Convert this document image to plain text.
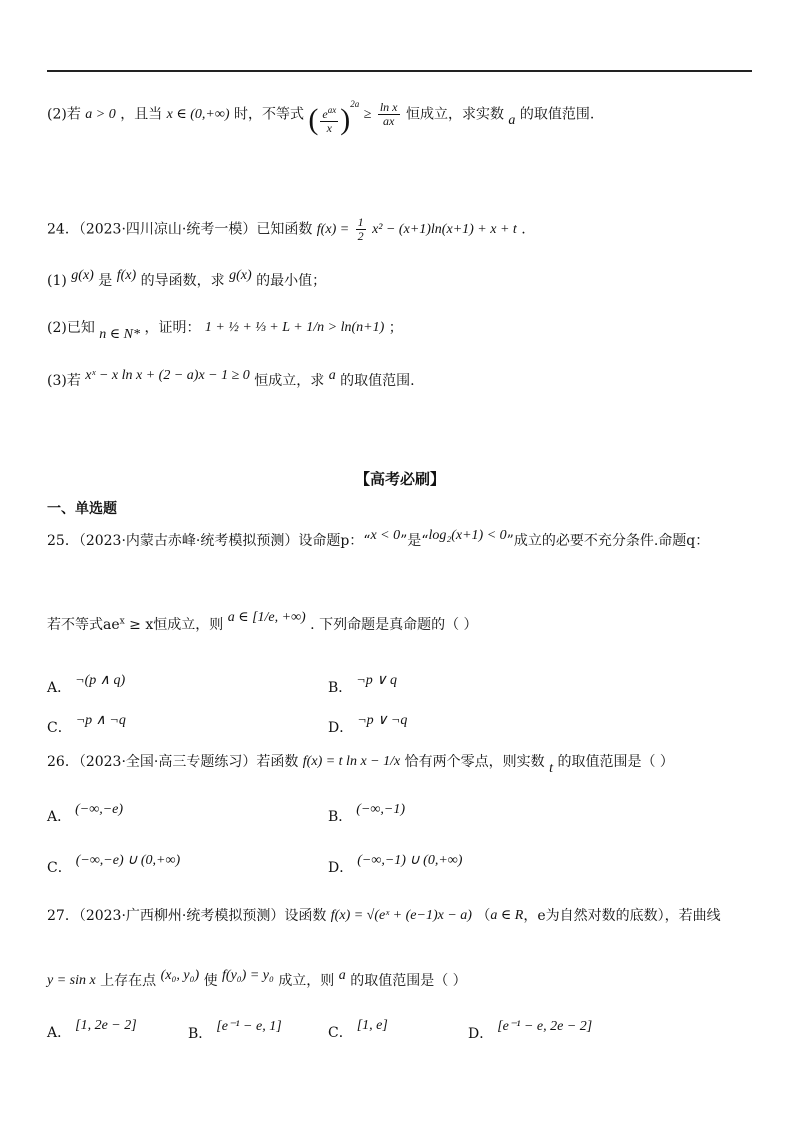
(2)若 a > 0 ，且当 x ∈ (0,+∞) 时，不等式 ( $\frac{e^{ax}}{x} )^{2a} \ge \frac{\text{ln x}}{ax}$ 恒成立，求实数 a 的取值范围.
24．（2023·四川凉山·统考一模）已知函数 $f(x) = \frac{1}{2} x^2 - (x+1)\ln(x+1) + x + t$ .
(1) g(x) 是 f(x) 的导函数，求 g(x) 的最小值；
(2)已知 n ∈ N* ，证明： 1 + ½ + ⅓ + L + 1/n > ln(n+1) ；
(3)若 xˣ − x ln x + (2 − a)x − 1 ≥ 0 恒成立，求 a 的取值范围.
【高考必刷】
一、单选题
25．（2023·内蒙古赤峰·统考模拟预测）设命题p：“x < 0”是“log₂(x+1) < 0”成立的必要不充分条件.命题q：
若不等式$ae^x \ge x$恒成立，则 a ∈ [1/e, +∞) . 下列命题是真命题的（ ）
A． ¬(p ∧ q)	B． ¬p ∨ q
C． ¬p ∧ ¬q	D． ¬p ∨ ¬q
26．（2023·全国·高三专题练习）若函数 f(x) = t ln x − 1/x 恰有两个零点，则实数 t 的取值范围是（ ）
A． (−∞,−e)	B． (−∞,−1)
C． (−∞,−e) ∪ (0,+∞)	D． (−∞,−1) ∪ (0,+∞)
27．（2023·广西柳州·统考模拟预测）设函数 f(x) = √(eˣ + (e−1)x − a) （a ∈ R，e为自然对数的底数），若曲线
y = sin x 上存在点 (x₀, y₀) 使 f(y₀) = y₀ 成立，则 a 的取值范围是（ ）
A． [1, 2e − 2]
B． [e⁻¹ − e, 1]	C． [1, e]
D． [e⁻¹ − e, 2e − 2]
